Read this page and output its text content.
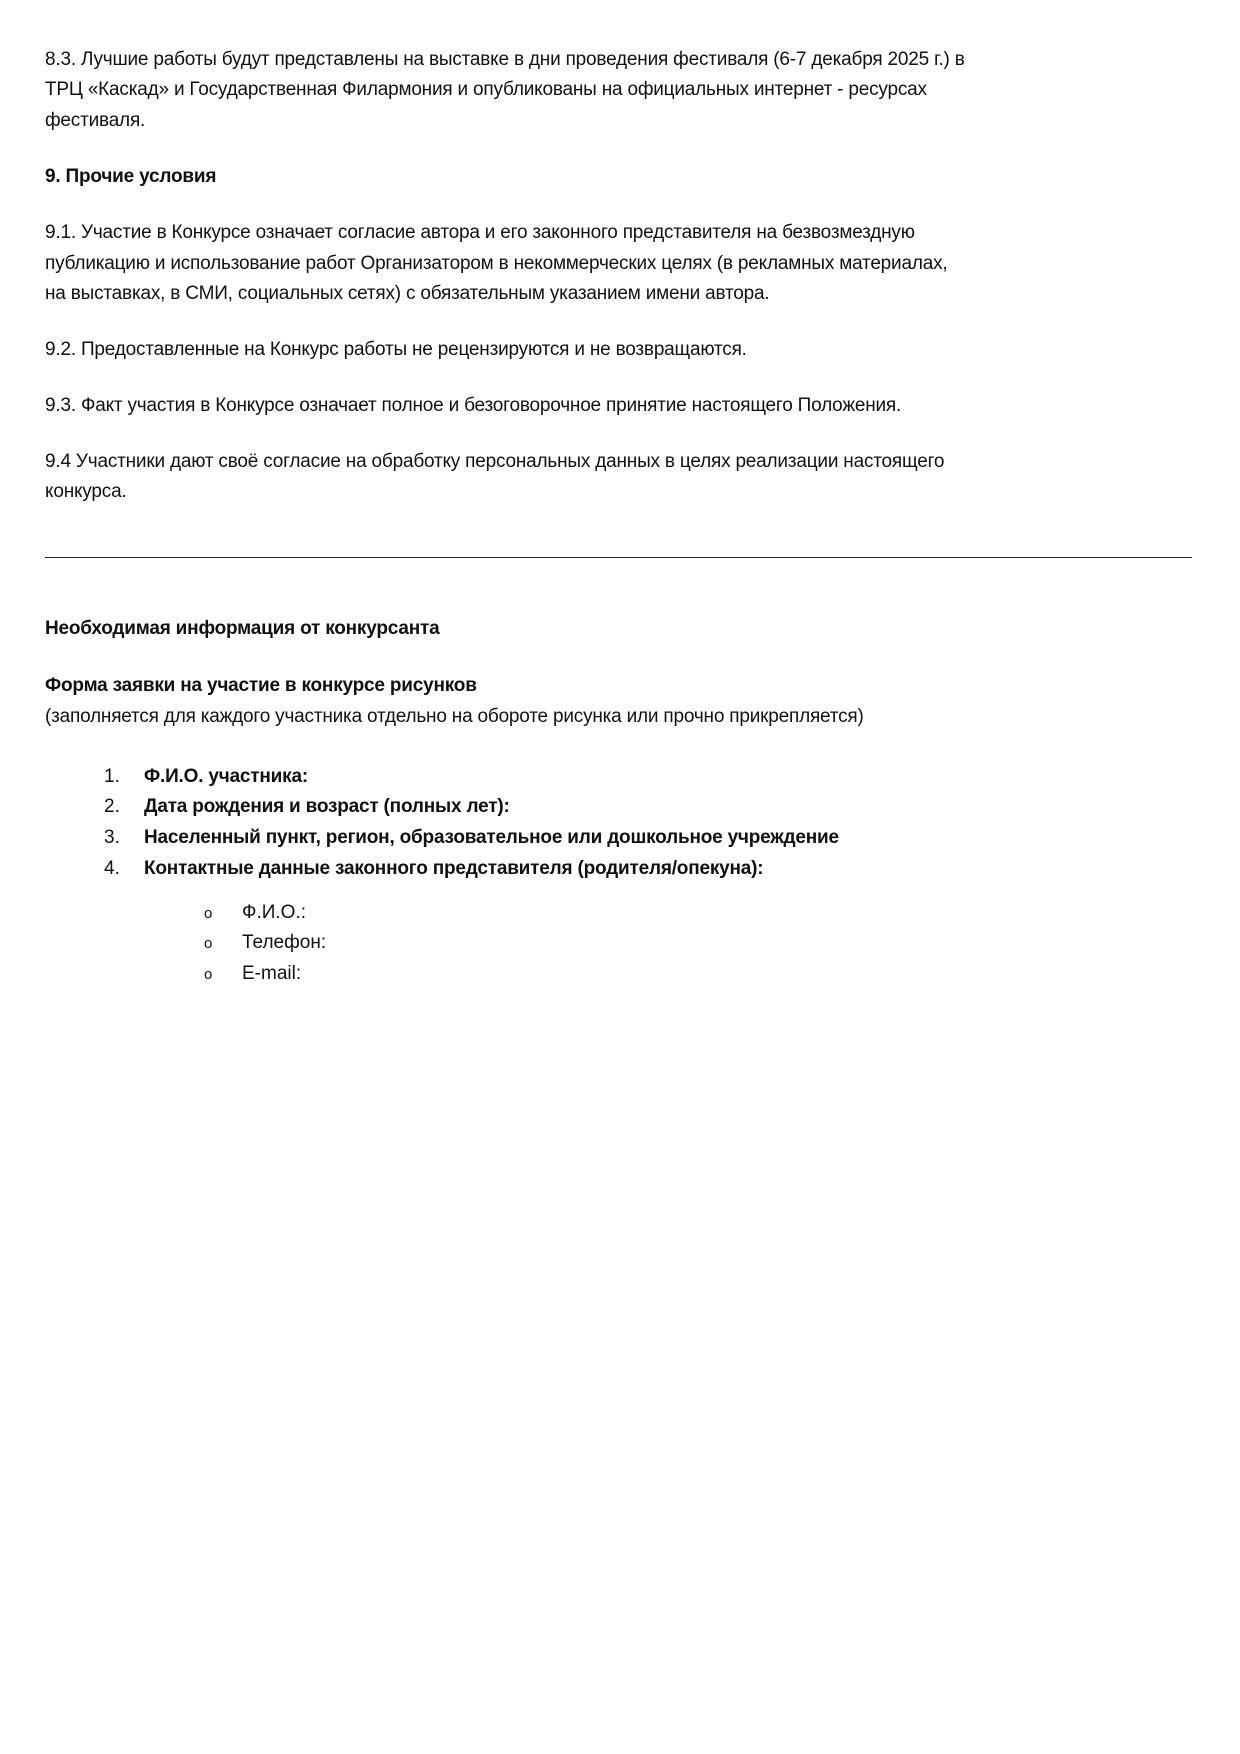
8.3. Лучшие работы будут представлены на выставке в дни проведения фестиваля (6-7 декабря 2025 г.) в
ТРЦ «Каскад» и Государственная Филармония и опубликованы на официальных интернет - ресурсах
фестиваля.
9. Прочие условия
9.1. Участие в Конкурсе означает согласие автора и его законного представителя на безвозмездную
публикацию и использование работ Организатором в некоммерческих целях (в рекламных материалах,
на выставках, в СМИ, социальных сетях) с обязательным указанием имени автора.
9.2. Предоставленные на Конкурс работы не рецензируются и не возвращаются.
9.3. Факт участия в Конкурсе означает полное и безоговорочное принятие настоящего Положения.
9.4 Участники дают своё согласие на обработку персональных данных в целях реализации настоящего
конкурса.
Необходимая информация от конкурсанта
Форма заявки на участие в конкурсе рисунков
(заполняется для каждого участника отдельно на обороте рисунка или прочно прикрепляется)
1. Ф.И.О. участника:
2. Дата рождения и возраст (полных лет):
3. Населенный пункт, регион, образовательное или дошкольное учреждение
4. Контактные данные законного представителя (родителя/опекуна):
o Ф.И.О.:
o Телефон:
o E-mail:
